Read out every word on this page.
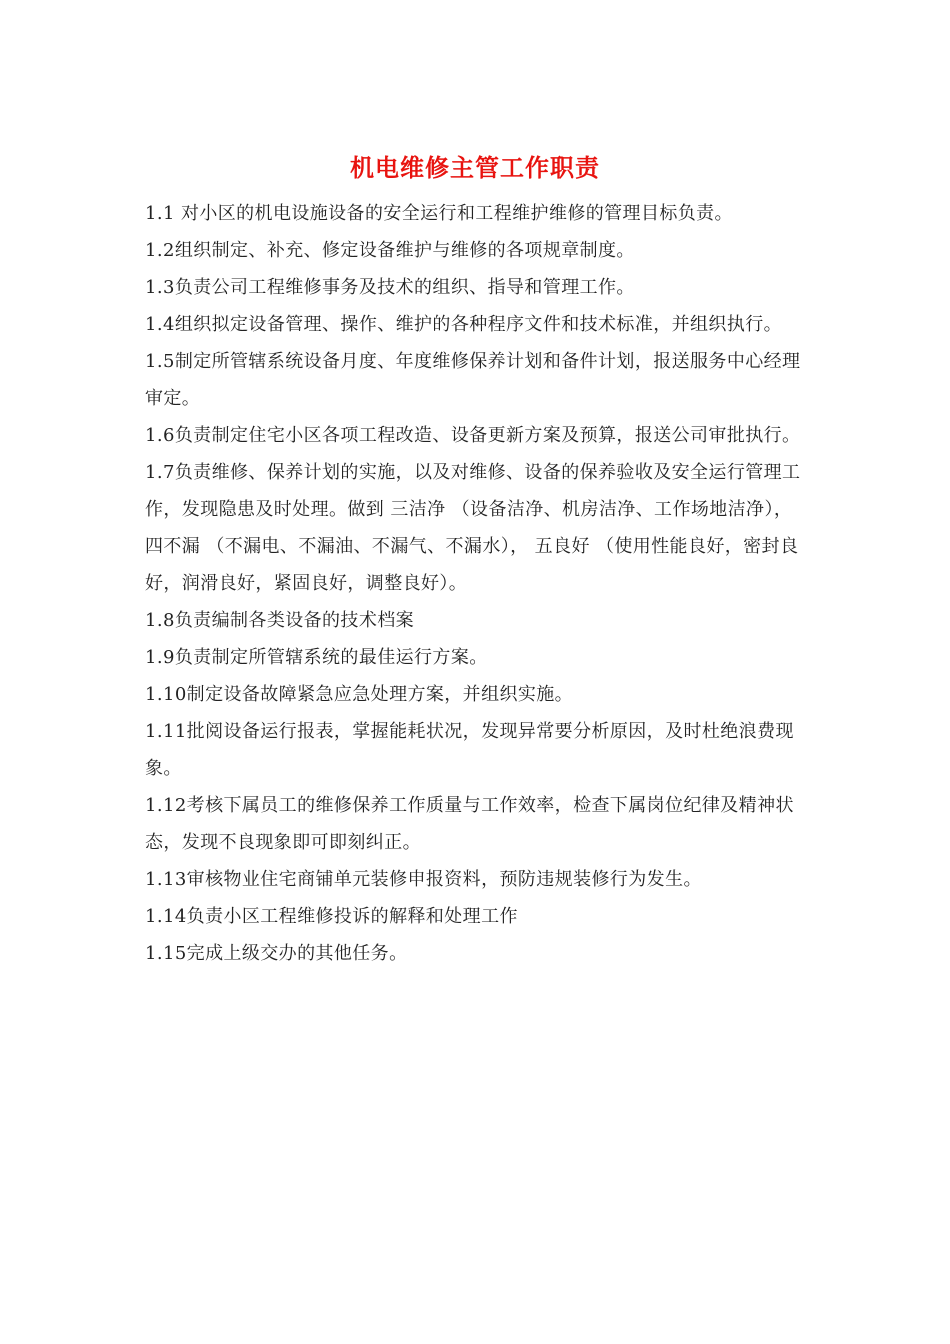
机电维修主管工作职责

1.1 对小区的机电设施设备的安全运行和工程维护维修的管理目标负责。

1.2组织制定、补充、修定设备维护与维修的各项规章制度。

1.3负责公司工程维修事务及技术的组织、指导和管理工作。

1.4组织拟定设备管理、操作、维护的各种程序文件和技术标准，并组织执行。

1.5制定所管辖系统设备月度、年度维修保养计划和备件计划，报送服务中心经理审定。

1.6负责制定住宅小区各项工程改造、设备更新方案及预算，报送公司审批执行。

1.7负责维修、保养计划的实施，以及对维修、设备的保养验收及安全运行管理工作，发现隐患及时处理。做到 三洁净 （设备洁净、机房洁净、工作场地洁净）， 四不漏 （不漏电、不漏油、不漏气、不漏水）， 五良好 （使用性能良好，密封良好，润滑良好，紧固良好，调整良好）。

1.8负责编制各类设备的技术档案

1.9负责制定所管辖系统的最佳运行方案。

1.10制定设备故障紧急应急处理方案，并组织实施。

1.11批阅设备运行报表，掌握能耗状况，发现异常要分析原因，及时杜绝浪费现象。

1.12考核下属员工的维修保养工作质量与工作效率，检查下属岗位纪律及精神状态，发现不良现象即可即刻纠正。

1.13审核物业住宅商铺单元装修申报资料，预防违规装修行为发生。

1.14负责小区工程维修投诉的解释和处理工作

1.15完成上级交办的其他任务。
